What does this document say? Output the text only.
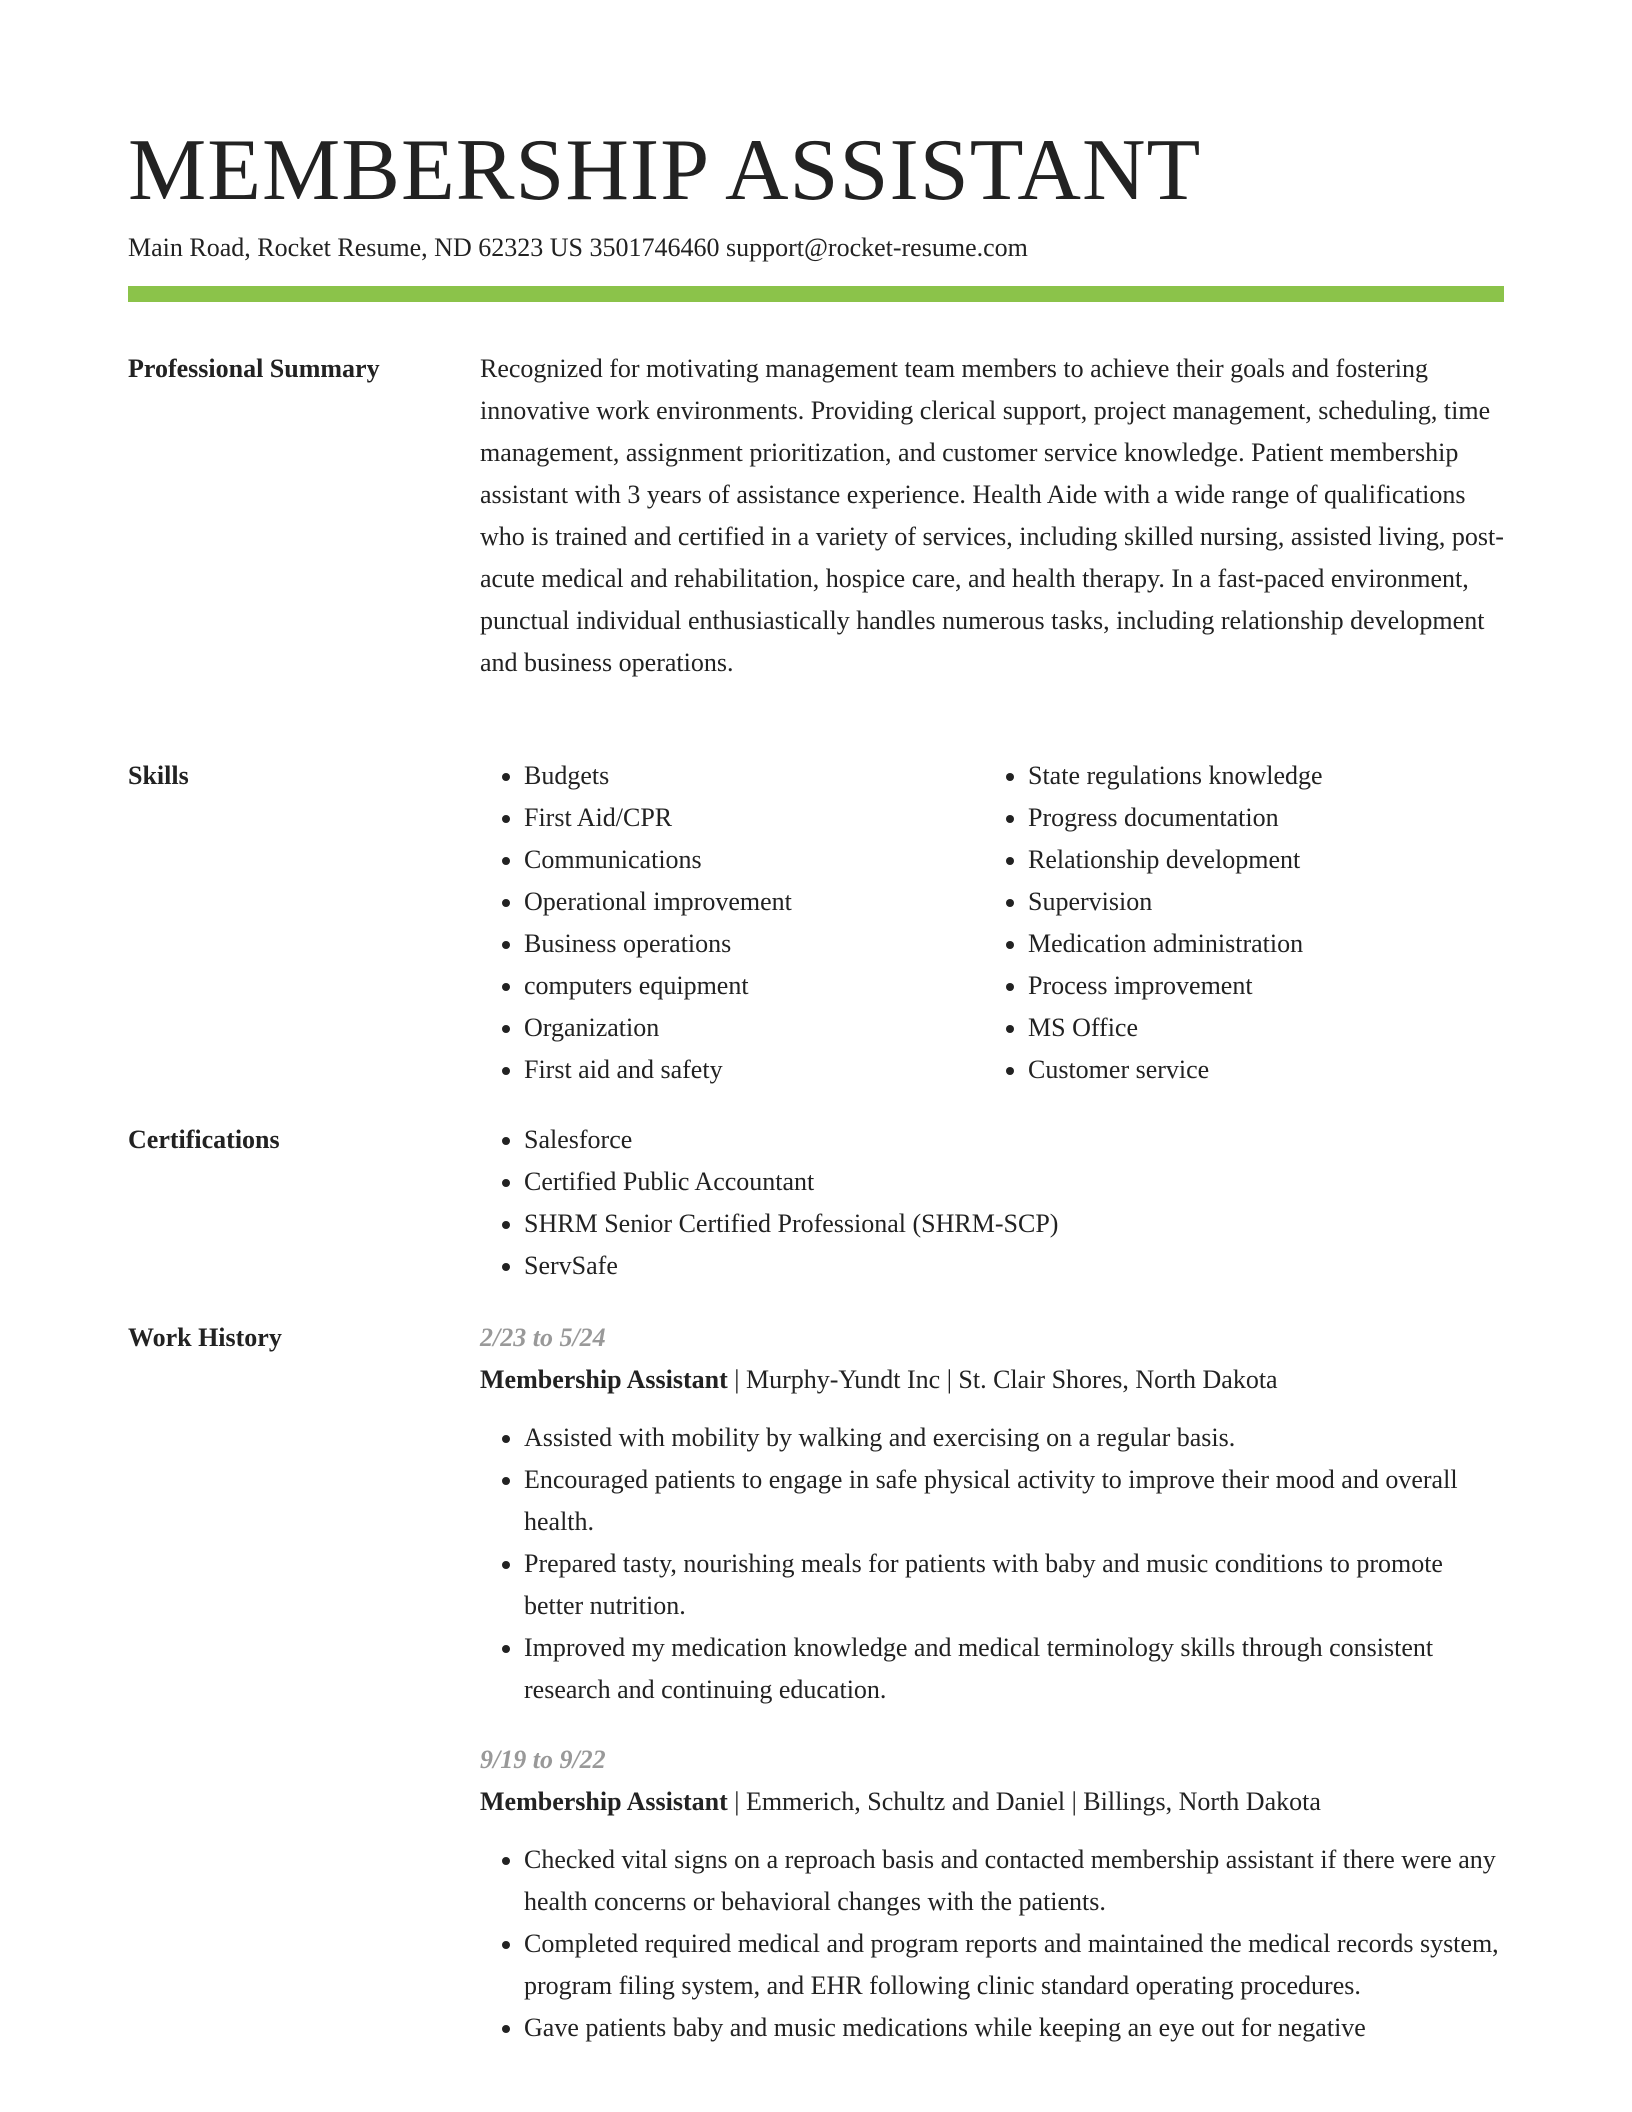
MEMBERSHIP ASSISTANT
Main Road, Rocket Resume, ND 62323 US 3501746460 support@rocket-resume.com
Professional Summary	Recognized for motivating management team members to achieve their goals and fostering innovative work environments. Providing clerical support, project management, scheduling, time management, assignment prioritization, and customer service knowledge. Patient membership assistant with 3 years of assistance experience. Health Aide with a wide range of qualifications who is trained and certified in a variety of services, including skilled nursing, assisted living, post-acute medical and rehabilitation, hospice care, and health therapy. In a fast-paced environment, punctual individual enthusiastically handles numerous tasks, including relationship development and business operations.

Skills	• Budgets
• First Aid/CPR
• Communications
• Operational improvement
• Business operations
• computers equipment
• Organization
• First aid and safety
• State regulations knowledge
• Progress documentation
• Relationship development
• Supervision
• Medication administration
• Process improvement
• MS Office
• Customer service
Certifications	• Salesforce
• Certified Public Accountant
• SHRM Senior Certified Professional (SHRM-SCP)
• ServSafe
Work History	2/23 to 5/24
Membership Assistant | Murphy-Yundt Inc | St. Clair Shores, North Dakota
• Assisted with mobility by walking and exercising on a regular basis.
• Encouraged patients to engage in safe physical activity to improve their mood and overall health.
• Prepared tasty, nourishing meals for patients with baby and music conditions to promote better nutrition.
• Improved my medication knowledge and medical terminology skills through consistent research and continuing education.
9/19 to 9/22
Membership Assistant | Emmerich, Schultz and Daniel | Billings, North Dakota
• Checked vital signs on a reproach basis and contacted membership assistant if there were any health concerns or behavioral changes with the patients.
• Completed required medical and program reports and maintained the medical records system, program filing system, and EHR following clinic standard operating procedures.
• Gave patients baby and music medications while keeping an eye out for negative
